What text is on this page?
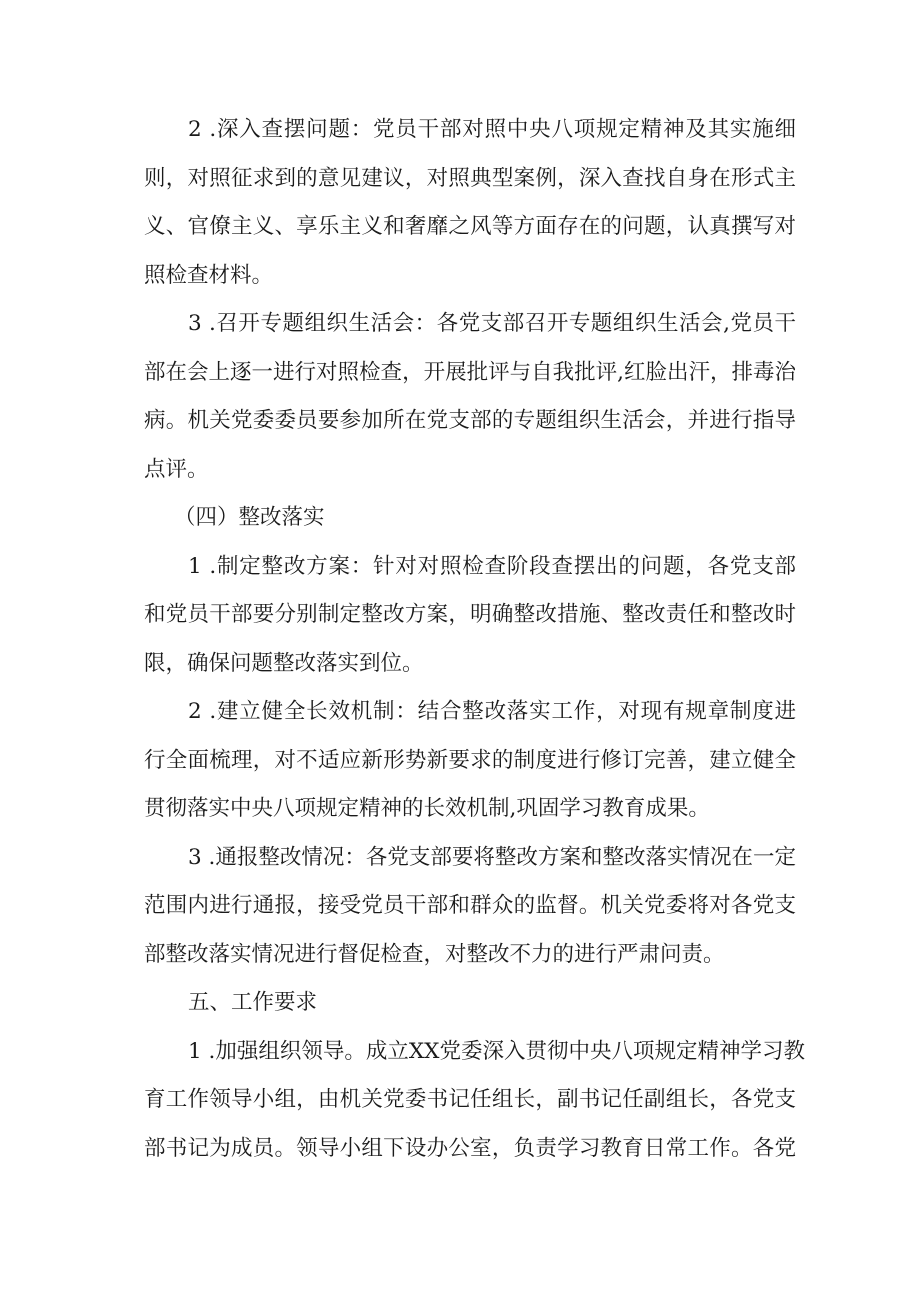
2 .深入查摆问题：党员干部对照中央八项规定精神及其实施细
则，对照征求到的意见建议，对照典型案例，深入查找自身在形式主
义、官僚主义、享乐主义和奢靡之风等方面存在的问题，认真撰写对
照检查材料。
3 .召开专题组织生活会：各党支部召开专题组织生活会,党员干
部在会上逐一进行对照检查，开展批评与自我批评,红脸出汗，排毒治
病。机关党委委员要参加所在党支部的专题组织生活会，并进行指导
点评。
（四）整改落实
1 .制定整改方案：针对对照检查阶段查摆出的问题，各党支部
和党员干部要分别制定整改方案，明确整改措施、整改责任和整改时
限，确保问题整改落实到位。
2 .建立健全长效机制：结合整改落实工作，对现有规章制度进
行全面梳理，对不适应新形势新要求的制度进行修订完善，建立健全
贯彻落实中央八项规定精神的长效机制,巩固学习教育成果。
3 .通报整改情况：各党支部要将整改方案和整改落实情况在一定
范围内进行通报，接受党员干部和群众的监督。机关党委将对各党支
部整改落实情况进行督促检查，对整改不力的进行严肃问责。
五、工作要求
1 .加强组织领导。成立XX党委深入贯彻中央八项规定精神学习教
育工作领导小组，由机关党委书记任组长，副书记任副组长，各党支
部书记为成员。领导小组下设办公室，负责学习教育日常工作。各党
